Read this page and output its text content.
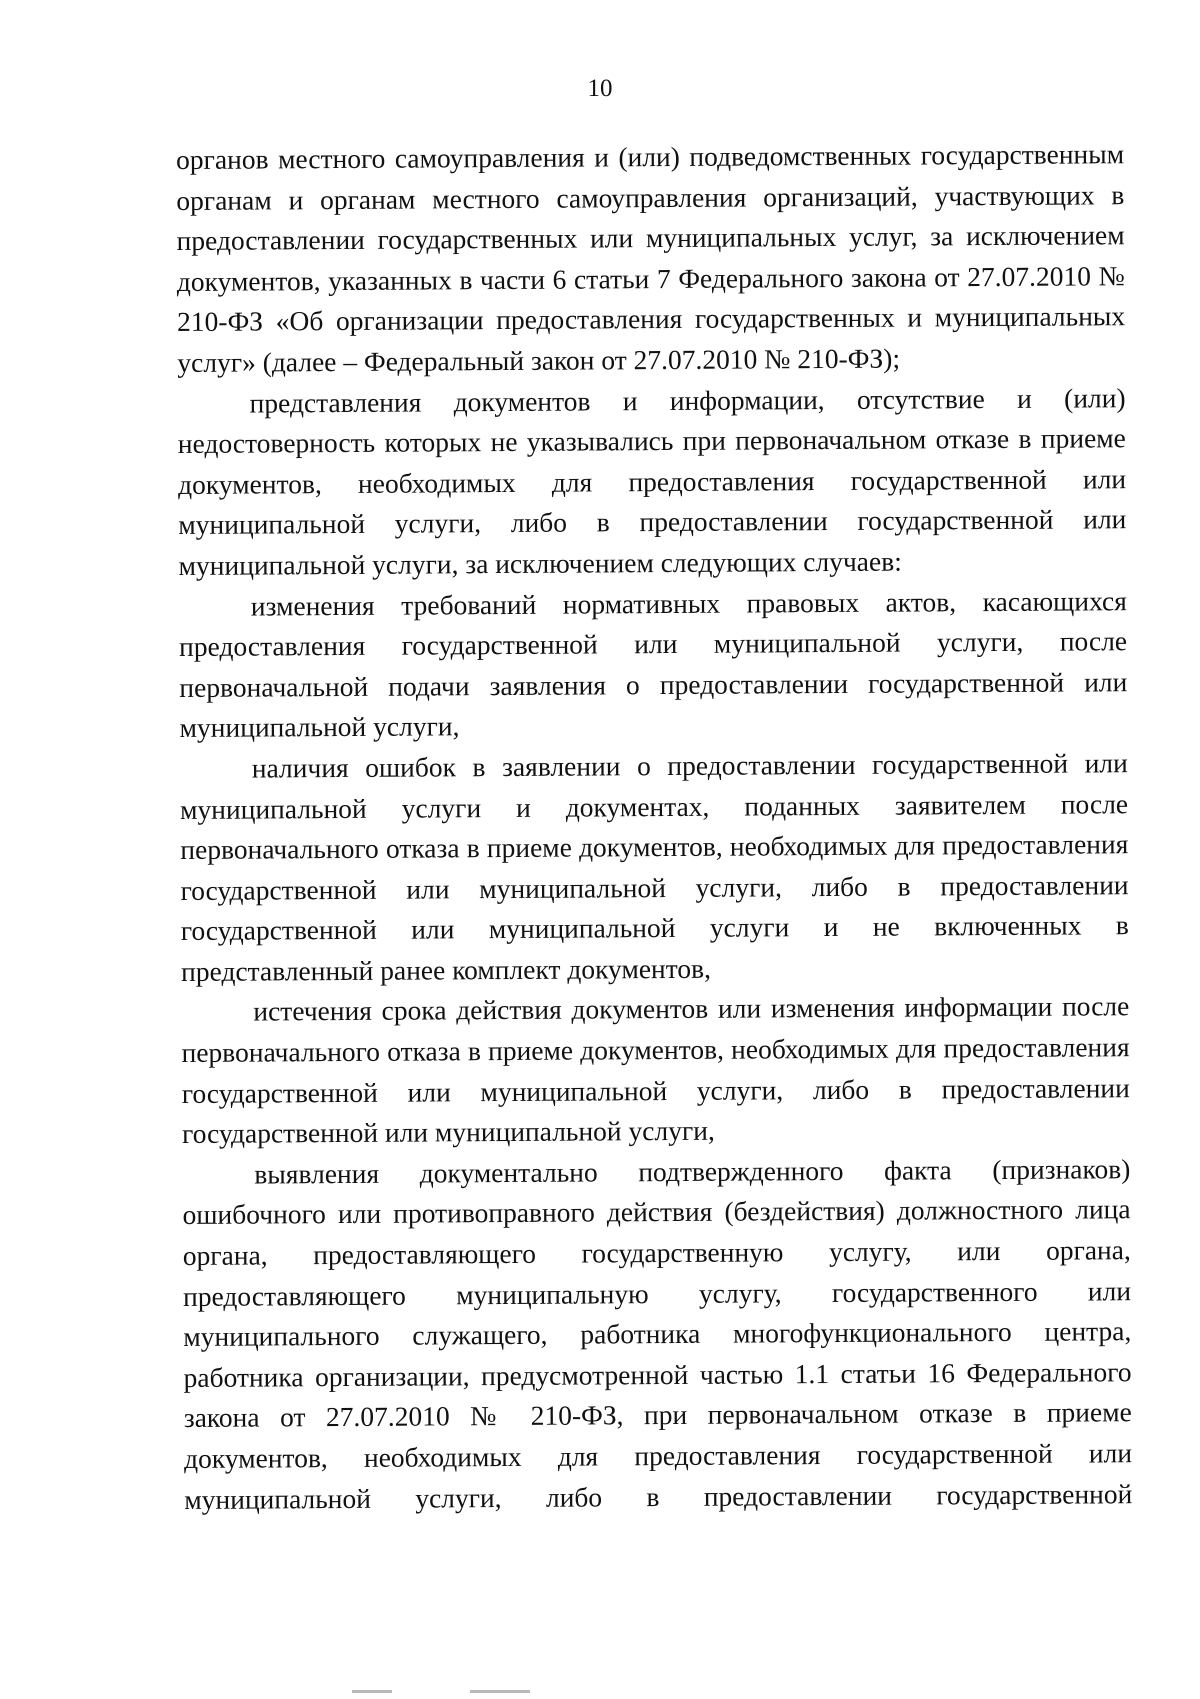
10

органов местного самоуправления и (или) подведомственных государственным органам и органам местного самоуправления организаций, участвующих в предоставлении государственных или муниципальных услуг, за исключением документов, указанных в части 6 статьи 7 Федерального закона от 27.07.2010 № 210-ФЗ «Об организации предоставления государственных и муниципальных услуг» (далее – Федеральный закон от 27.07.2010 № 210-ФЗ);

представления документов и информации, отсутствие и (или) недостоверность которых не указывались при первоначальном отказе в приеме документов, необходимых для предоставления государственной или муниципальной услуги, либо в предоставлении государственной или муниципальной услуги, за исключением следующих случаев:

изменения требований нормативных правовых актов, касающихся предоставления государственной или муниципальной услуги, после первоначальной подачи заявления о предоставлении государственной или муниципальной услуги,

наличия ошибок в заявлении о предоставлении государственной или муниципальной услуги и документах, поданных заявителем после первоначального отказа в приеме документов, необходимых для предоставления государственной или муниципальной услуги, либо в предоставлении государственной или муниципальной услуги и не включенных в представленный ранее комплект документов,

истечения срока действия документов или изменения информации после первоначального отказа в приеме документов, необходимых для предоставления государственной или муниципальной услуги, либо в предоставлении государственной или муниципальной услуги,

выявления документально подтвержденного факта (признаков) ошибочного или противоправного действия (бездействия) должностного лица органа, предоставляющего государственную услугу, или органа, предоставляющего муниципальную услугу, государственного или муниципального служащего, работника многофункционального центра, работника организации, предусмотренной частью 1.1 статьи 16 Федерального закона от 27.07.2010 № 210-ФЗ, при первоначальном отказе в приеме документов, необходимых для предоставления государственной или муниципальной услуги, либо в предоставлении государственной
